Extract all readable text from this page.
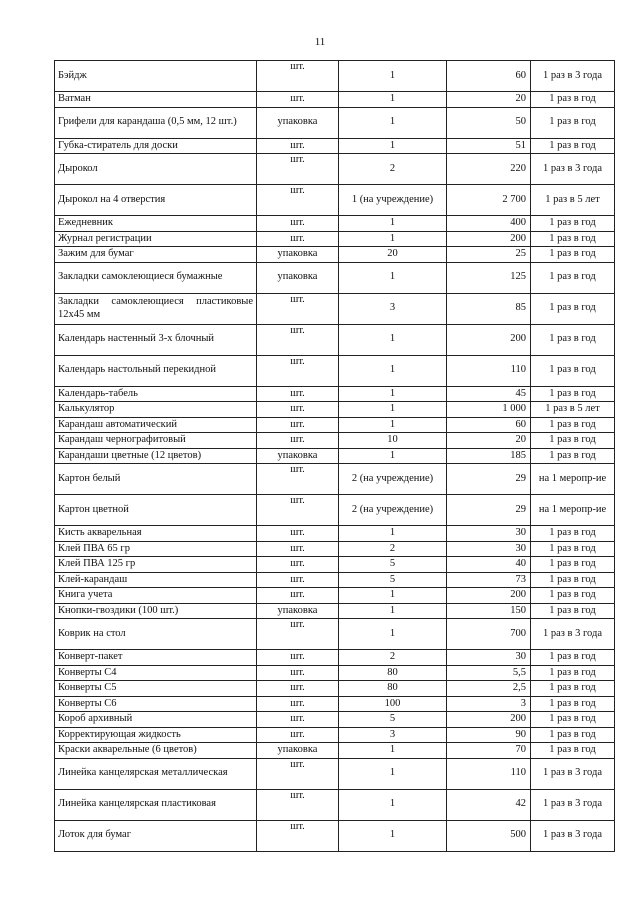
11
Бэйдж	шт.	1	60	1 раз в 3 года
Ватман	шт.	1	20	1 раз в год
Грифели для карандаша (0,5 мм, 12 шт.)	упаковка	1	50	1 раз в год
Губка-стиратель для доски	шт.	1	51	1 раз в год
Дырокол	шт.	2	220	1 раз в 3 года
Дырокол на 4 отверстия	шт.	1 (на учреждение)	2 700	1 раз в 5 лет
Ежедневник	шт.	1	400	1 раз в год
Журнал регистрации	шт.	1	200	1 раз в год
Зажим для бумаг	упаковка	20	25	1 раз в год
Закладки самоклеющиеся бумажные	упаковка	1	125	1 раз в год
Закладки самоклеющиеся пластиковые 12х45 мм	шт.	3	85	1 раз в год
Календарь настенный 3-х блочный	шт.	1	200	1 раз в год
Календарь настольный перекидной	шт.	1	110	1 раз в год
Календарь-табель	шт.	1	45	1 раз в год
Калькулятор	шт.	1	1 000	1 раз в 5 лет
Карандаш автоматический	шт.	1	60	1 раз в год
Карандаш чернографитовый	шт.	10	20	1 раз в год
Карандаши цветные (12 цветов)	упаковка	1	185	1 раз в год
Картон белый	шт.	2 (на учреждение)	29	на 1 меропр-ие
Картон цветной	шт.	2 (на учреждение)	29	на 1 меропр-ие
Кисть акварельная	шт.	1	30	1 раз в год
Клей ПВА 65 гр	шт.	2	30	1 раз в год
Клей ПВА 125 гр	шт.	5	40	1 раз в год
Клей-карандаш	шт.	5	73	1 раз в год
Книга учета	шт.	1	200	1 раз в год
Кнопки-гвоздики (100 шт.)	упаковка	1	150	1 раз в год
Коврик на стол	шт.	1	700	1 раз в 3 года
Конверт-пакет	шт.	2	30	1 раз в год
Конверты С4	шт.	80	5,5	1 раз в год
Конверты С5	шт.	80	2,5	1 раз в год
Конверты С6	шт.	100	3	1 раз в год
Короб архивный	шт.	5	200	1 раз в год
Корректирующая жидкость	шт.	3	90	1 раз в год
Краски акварельные (6 цветов)	упаковка	1	70	1 раз в год
Линейка канцелярская металлическая	шт.	1	110	1 раз в 3 года
Линейка канцелярская пластиковая	шт.	1	42	1 раз в 3 года
Лоток для бумаг	шт.	1	500	1 раз в 3 года
